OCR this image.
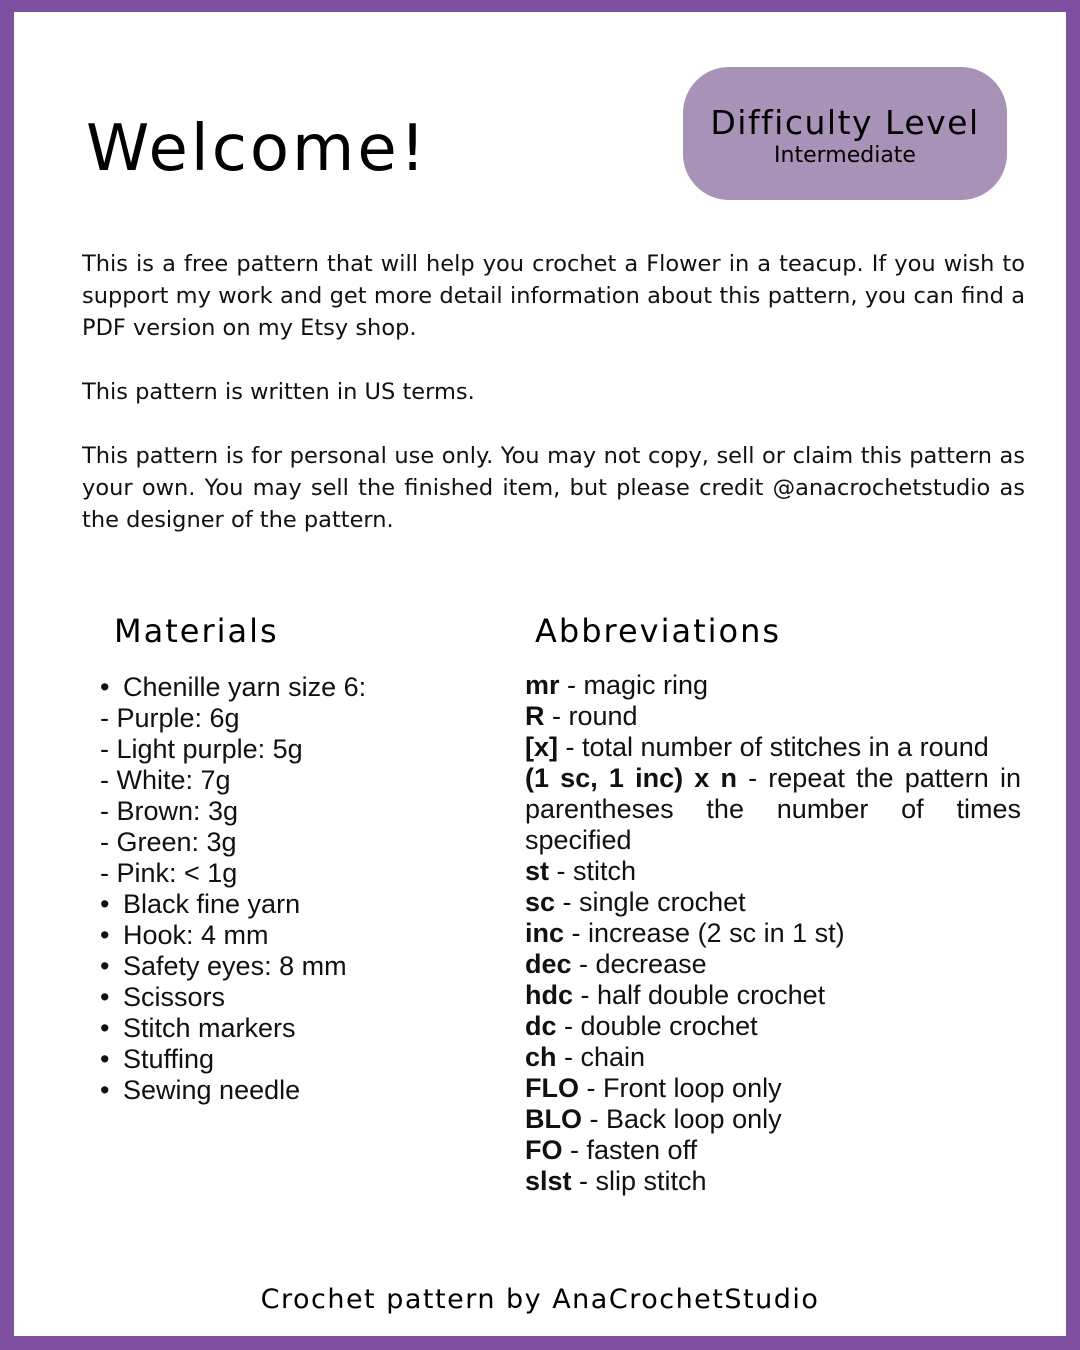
Welcome!	Difficulty Level
Intermediate

This is a free pattern that will help you crochet a Flower in a teacup. If you wish to support my work and get more detail information about this pattern, you can find a PDF version on my Etsy shop.

This pattern is written in US terms.

This pattern is for personal use only. You may not copy, sell or claim this pattern as your own. You may sell the finished item, but please credit @anacrochetstudio as the designer of the pattern.

Materials	Abbreviations
• Chenille yarn size 6:
- Purple: 6g
- Light purple: 5g
- White: 7g
- Brown: 3g
- Green: 3g
- Pink: < 1g
• Black fine yarn
• Hook: 4 mm
• Safety eyes: 8 mm
• Scissors
• Stitch markers
• Stuffing
• Sewing needle
mr - magic ring
R - round
[x] - total number of stitches in a round
(1 sc, 1 inc) x n - repeat the pattern in parentheses the number of times specified
st - stitch
sc - single crochet
inc - increase (2 sc in 1 st)
dec - decrease
hdc - half double crochet
dc - double crochet
ch - chain
FLO - Front loop only
BLO - Back loop only
FO - fasten off
slst - slip stitch
Crochet pattern by AnaCrochetStudio
